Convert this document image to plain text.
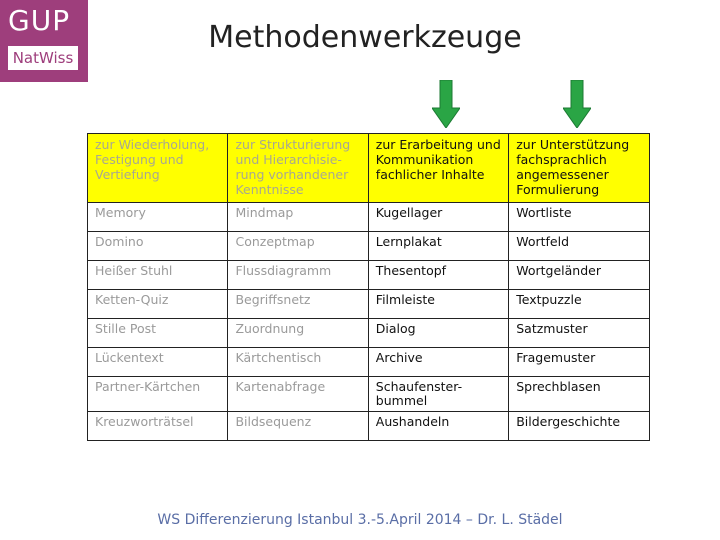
GUP
NatWiss
Methodenwerkzeuge
zur Wiederholung, Festigung und Vertiefung	zur Strukturierung und Hierarchisie-rung vorhandener Kenntnisse	zur Erarbeitung und Kommunikation fachlicher Inhalte	zur Unterstützung fachsprachlich angemessener Formulierung
Memory	Mindmap	Kugellager	Wortliste
Domino	Conzeptmap	Lernplakat	Wortfeld
Heißer Stuhl	Flussdiagramm	Thesentopf	Wortgeländer
Ketten-Quiz	Begriffsnetz	Filmleiste	Textpuzzle
Stille Post	Zuordnung	Dialog	Satzmuster
Lückentext	Kärtchentisch	Archive	Fragemuster
Partner-Kärtchen	Kartenabfrage	Schaufenster-bummel	Sprechblasen
Kreuzworträtsel	Bildsequenz	Aushandeln	Bildergeschichte
WS Differenzierung Istanbul 3.-5.April 2014 – Dr. L. Städel
